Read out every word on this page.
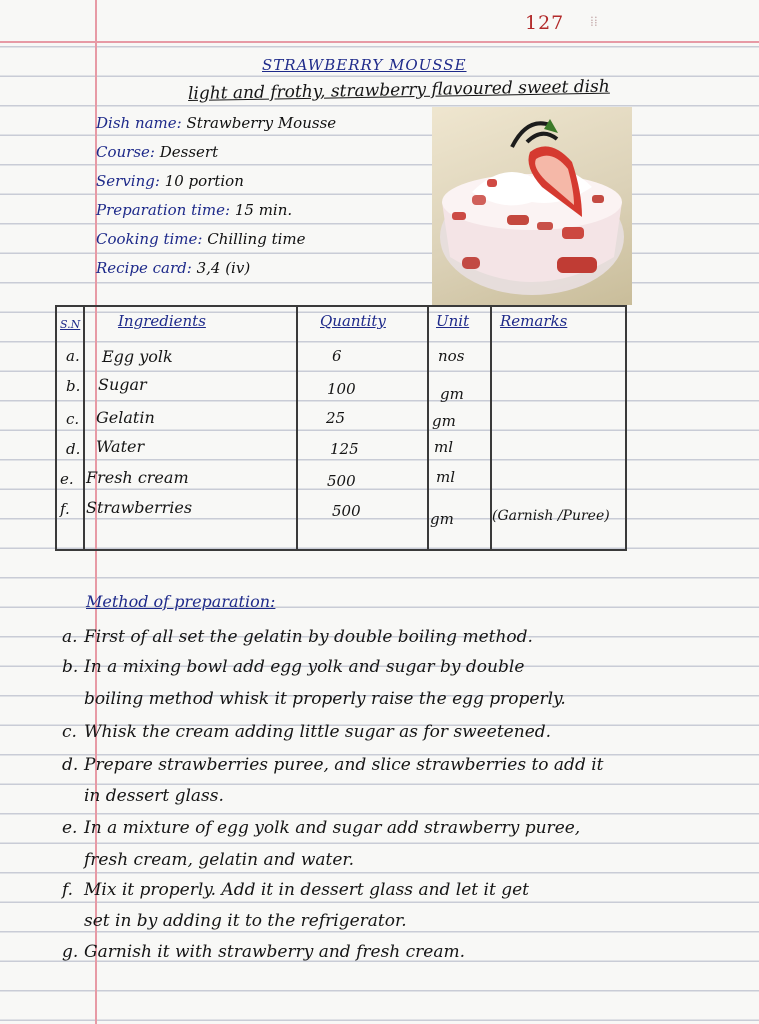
127 ⁞⁞
STRAWBERRY MOUSSE
light and frothy, strawberry flavoured sweet dish
Dish name: Strawberry Mousse
Course: Dessert
Serving: 10 portion
Preparation time: 15 min.
Cooking time: Chilling time
Recipe card: 3,4 (iv)
S.N	Ingredients	Quantity	Unit Remarks
a. Egg yolk	6	nos
b. Sugar	100	gm
c. Gelatin	25	gm
d. Water	125	ml
e. Fresh cream	500	ml
f. Strawberries	500	gm	(Garnish /Puree)
Method of preparation:
a. First of all set the gelatin by double boiling method.
b. In a mixing bowl add egg yolk and sugar by double
boiling method whisk it properly raise the egg properly.
c. Whisk the cream adding little sugar as for sweetened.
d. Prepare strawberries puree, and slice strawberries to add it
in dessert glass.
e. In a mixture of egg yolk and sugar add strawberry puree,
fresh cream, gelatin and water.
f. Mix it properly. Add it in dessert glass and let it get
set in by adding it to the refrigerator.
g. Garnish it with strawberry and fresh cream.
